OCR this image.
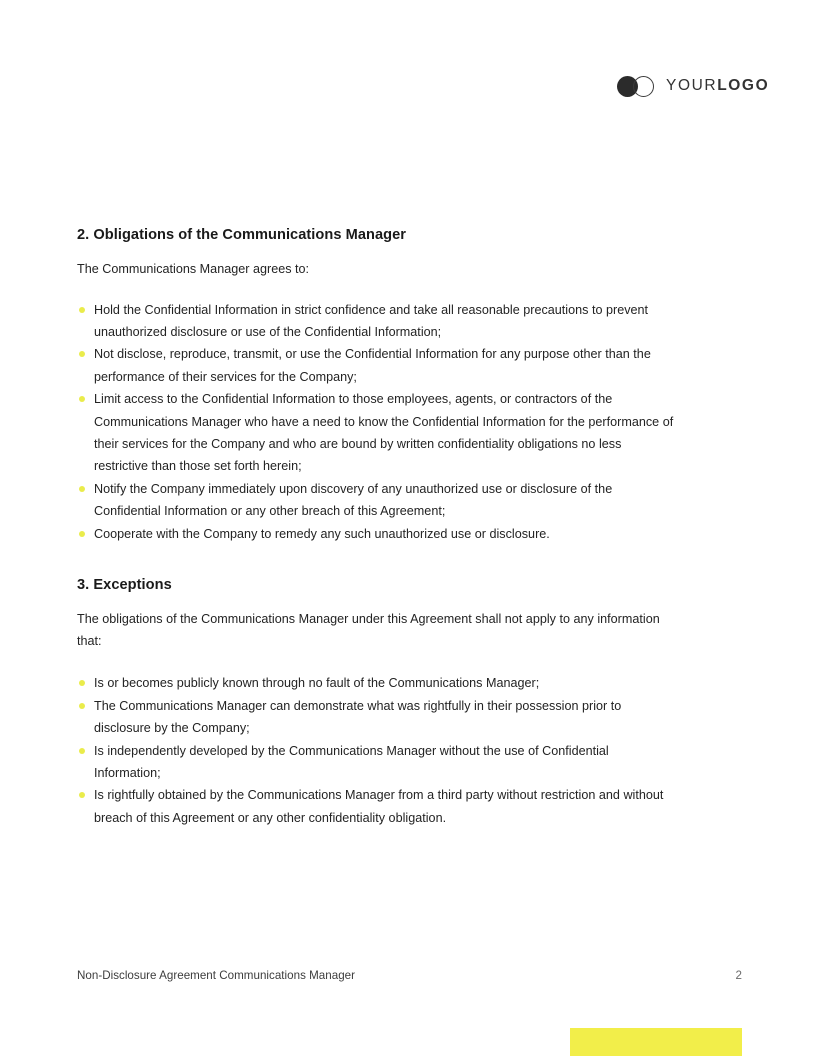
YOURLOGO
2. Obligations of the Communications Manager

The Communications Manager agrees to:

Hold the Confidential Information in strict confidence and take all reasonable precautions to prevent unauthorized disclosure or use of the Confidential Information;
Not disclose, reproduce, transmit, or use the Confidential Information for any purpose other than the performance of their services for the Company;
Limit access to the Confidential Information to those employees, agents, or contractors of the Communications Manager who have a need to know the Confidential Information for the performance of their services for the Company and who are bound by written confidentiality obligations no less restrictive than those set forth herein;
Notify the Company immediately upon discovery of any unauthorized use or disclosure of the Confidential Information or any other breach of this Agreement;
Cooperate with the Company to remedy any such unauthorized use or disclosure.
3. Exceptions

The obligations of the Communications Manager under this Agreement shall not apply to any information that:

Is or becomes publicly known through no fault of the Communications Manager;
The Communications Manager can demonstrate what was rightfully in their possession prior to disclosure by the Company;
Is independently developed by the Communications Manager without the use of Confidential Information;
Is rightfully obtained by the Communications Manager from a third party without restriction and without breach of this Agreement or any other confidentiality obligation.
Non-Disclosure Agreement Communications Manager	2
